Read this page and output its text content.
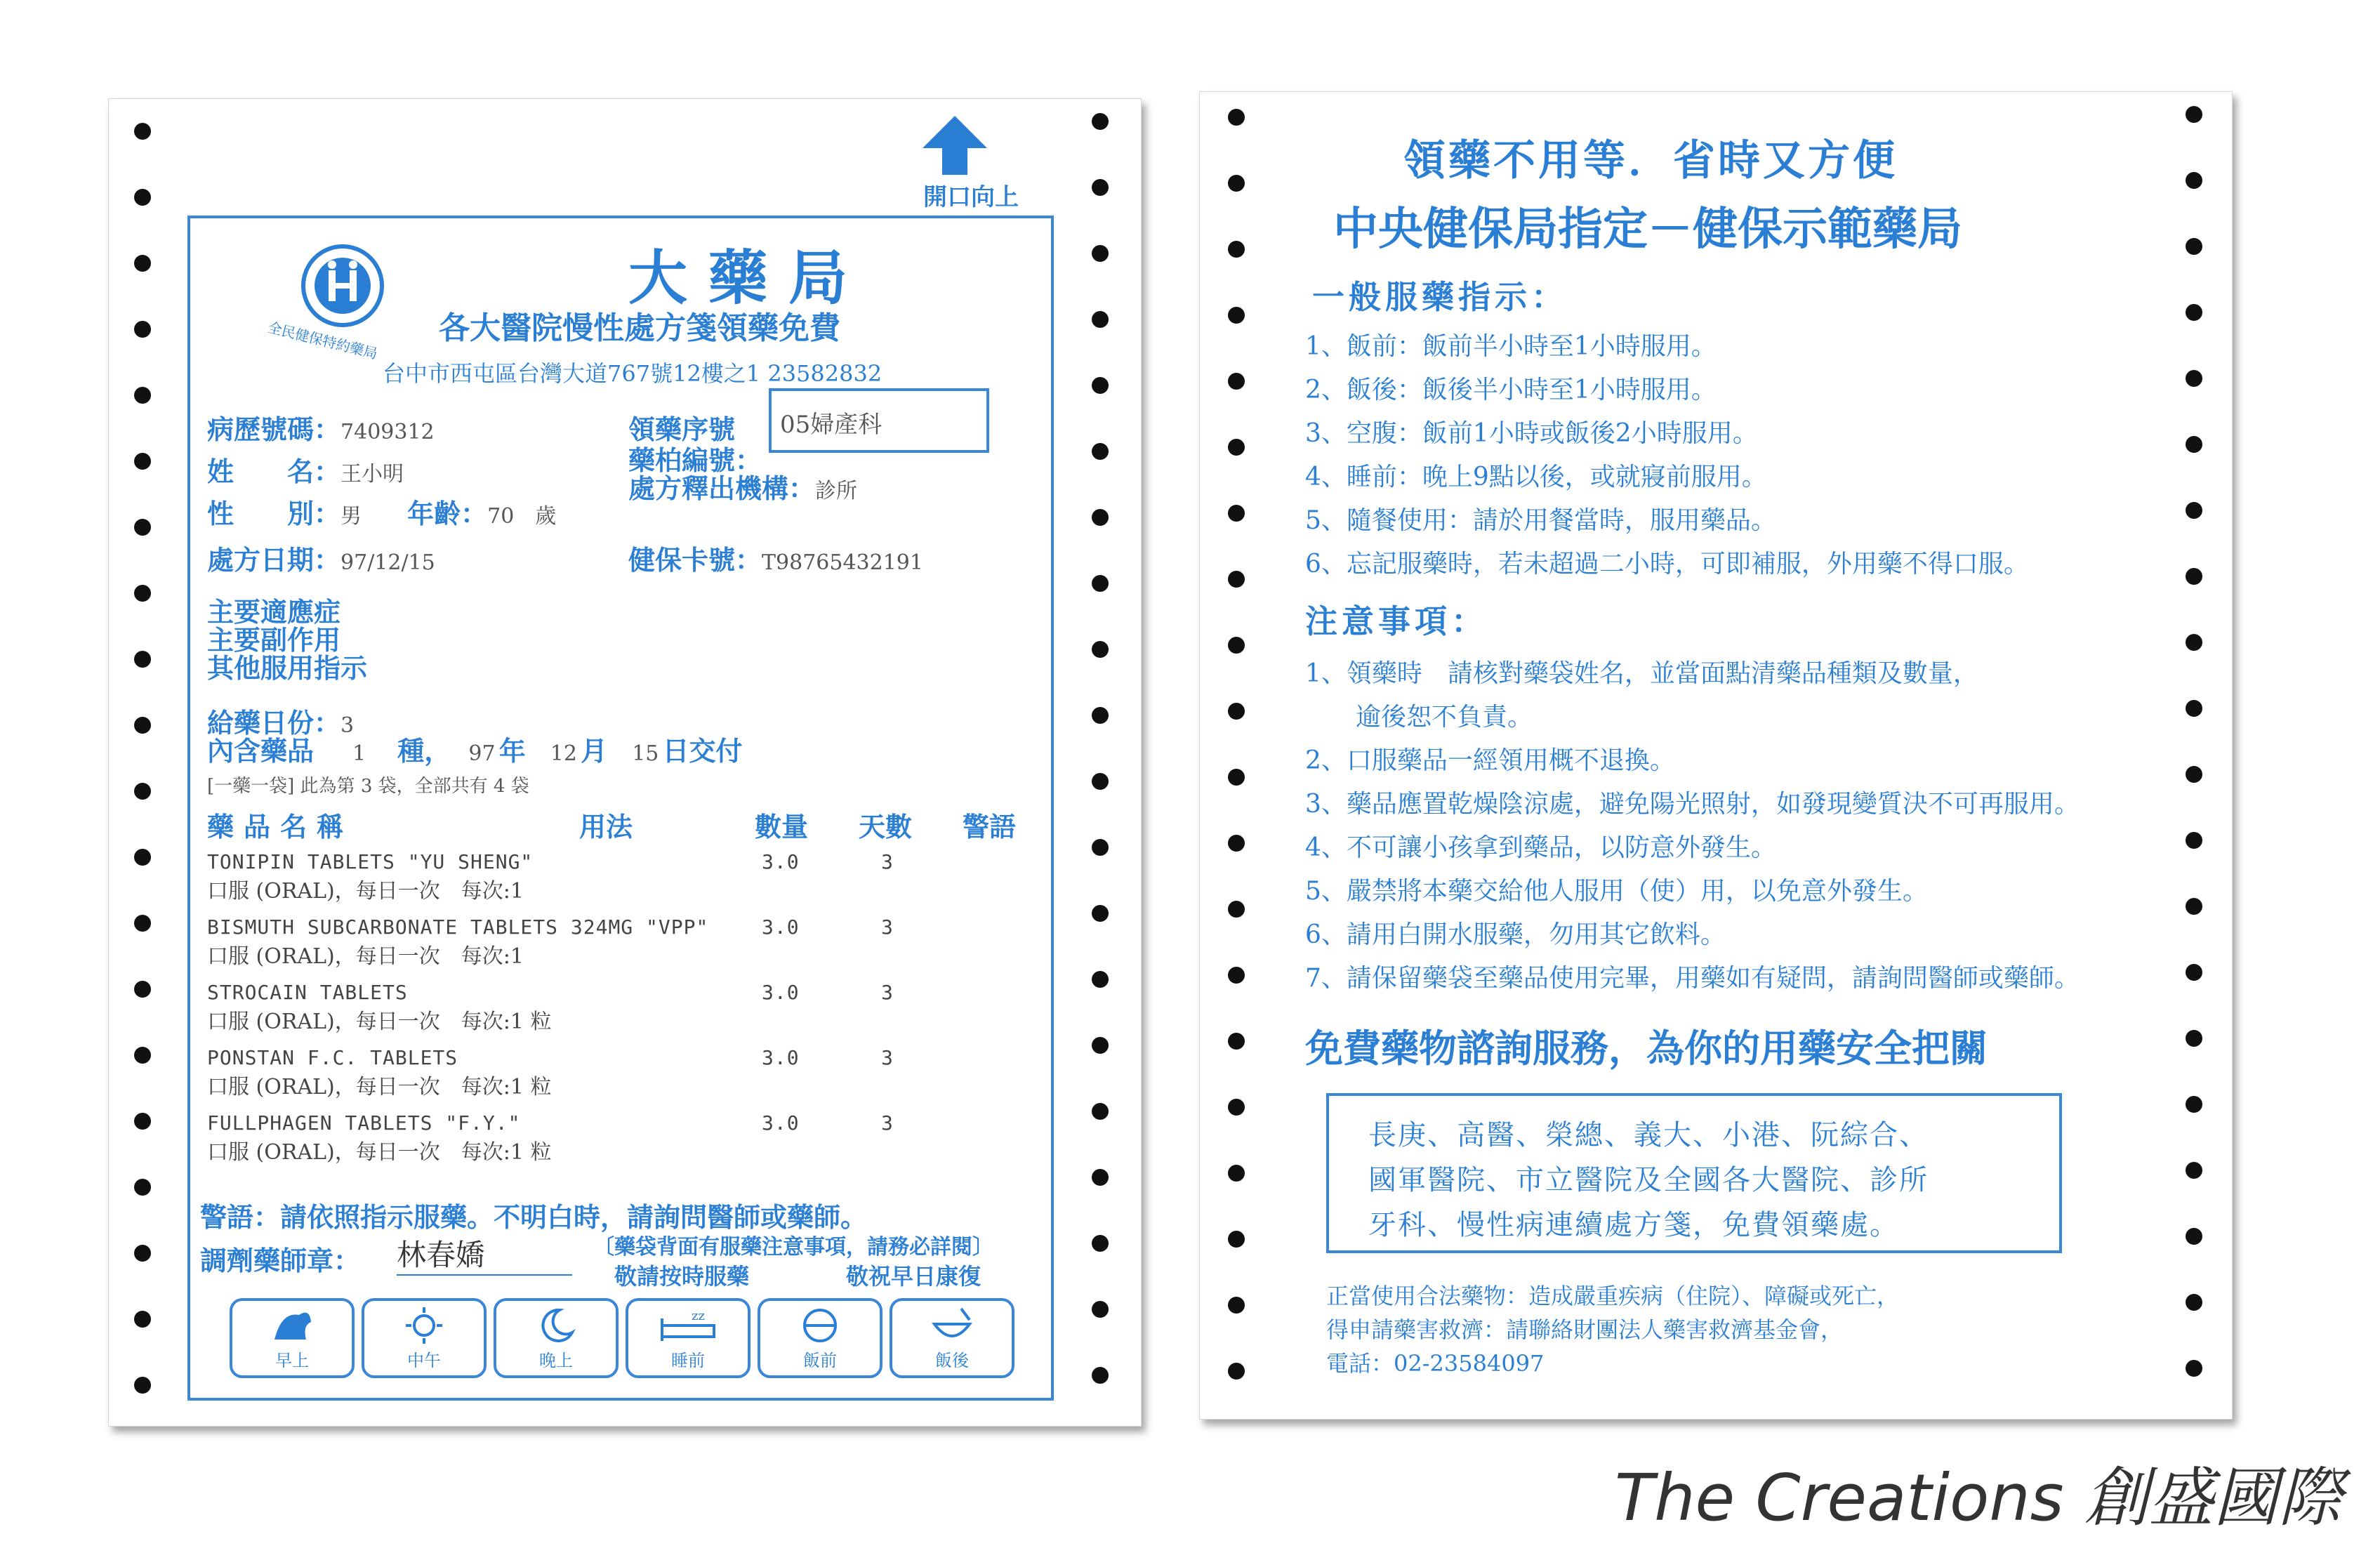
開口向上
全民健保特約藥局
大藥局
各大醫院慢性處方箋領藥免費
台中市西屯區台灣大道767號12樓之1 23582832
病歷號碼：7409312
姓　　名：王小明
性　　別：男 年齡：70　歲
處方日期：97/12/15
領藥序號 05婦產科
藥柏編號：
處方釋出機構：診所
健保卡號：T98765432191
主要適應症
主要副作用
其他服用指示
給藥日份：3
內含藥品 1 種， 97 年 12 月 15 日交付
[一藥一袋] 此為第 3 袋，全部共有 4 袋
藥品名稱	用法	數量 天數 警語
TONIPIN TABLETS "YU SHENG"
口服 (ORAL)，每日一次　每次:1
3.0	3
BISMUTH SUBCARBONATE TABLETS 324MG "VPP"
口服 (ORAL)，每日一次　每次:1
3.0	3
STROCAIN TABLETS
口服 (ORAL)，每日一次　每次:1 粒
3.0	3
PONSTAN F.C. TABLETS
口服 (ORAL)，每日一次　每次:1 粒
3.0	3
FULLPHAGEN TABLETS "F.Y."
口服 (ORAL)，每日一次　每次:1 粒
3.0	3
警語：請依照指示服藥。不明白時，請詢問醫師或藥師。
調劑藥師章： 林春嬌	〔藥袋背面有服藥注意事項，請務必詳閱〕
敬請按時服藥	敬祝早日康復
早上	中午	晚上
zz
睡前	飯前	飯後
領藥不用等．省時又方便
中央健保局指定－健保示範藥局
一般服藥指示：
1、飯前：飯前半小時至1小時服用。
2、飯後：飯後半小時至1小時服用。
3、空腹：飯前1小時或飯後2小時服用。
4、睡前：晚上9點以後，或就寢前服用。
5、隨餐使用：請於用餐當時，服用藥品。
6、忘記服藥時，若未超過二小時，可即補服，外用藥不得口服。
注意事項：
1、領藥時　請核對藥袋姓名，並當面點清藥品種類及數量，
　　逾後恕不負責。
2、口服藥品一經領用概不退換。
3、藥品應置乾燥陰涼處，避免陽光照射，如發現變質決不可再服用。
4、不可讓小孩拿到藥品，以防意外發生。
5、嚴禁將本藥交給他人服用（使）用，以免意外發生。
6、請用白開水服藥，勿用其它飲料。
7、請保留藥袋至藥品使用完畢，用藥如有疑問，請詢問醫師或藥師。
免費藥物諮詢服務，為你的用藥安全把關
長庚、高醫、榮總、義大、小港、阮綜合、
國軍醫院、市立醫院及全國各大醫院、診所
牙科、慢性病連續處方箋，免費領藥處。
正當使用合法藥物：造成嚴重疾病（住院）、障礙或死亡，
得申請藥害救濟：請聯絡財團法人藥害救濟基金會，
電話：02-23584097
The Creations 創盛國際
